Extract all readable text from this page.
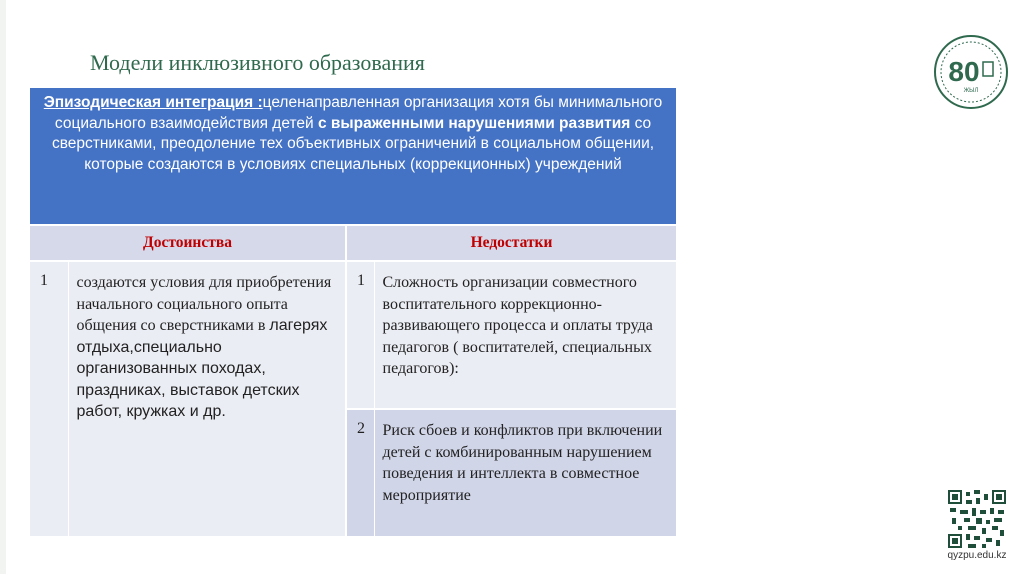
Модели инклюзивного образования	80
ЖЫЛ
Эпизодическая интеграция :целенаправленная организация хотя бы минимального социального взаимодействия детей с выраженными нарушениями развития со сверстниками, преодоление тех объективных ограничений в социальном общении, которые создаются в условиях специальных (коррекционных) учреждений			
Достоинства		Недостатки	
1	создаются условия для приобретения начального социального опыта общения со сверстниками в лагерях отдыха,специально организованных походах, праздниках, выставок детских работ, кружках и др.	1	Сложность организации совместного воспитательного коррекционно-развивающего процесса и оплаты труда педагогов ( воспитателей, специальных педагогов):
		2	Риск сбоев и конфликтов при включении детей с комбинированным нарушением поведения и интеллекта в совместное мероприятие
qyzpu.edu.kz
